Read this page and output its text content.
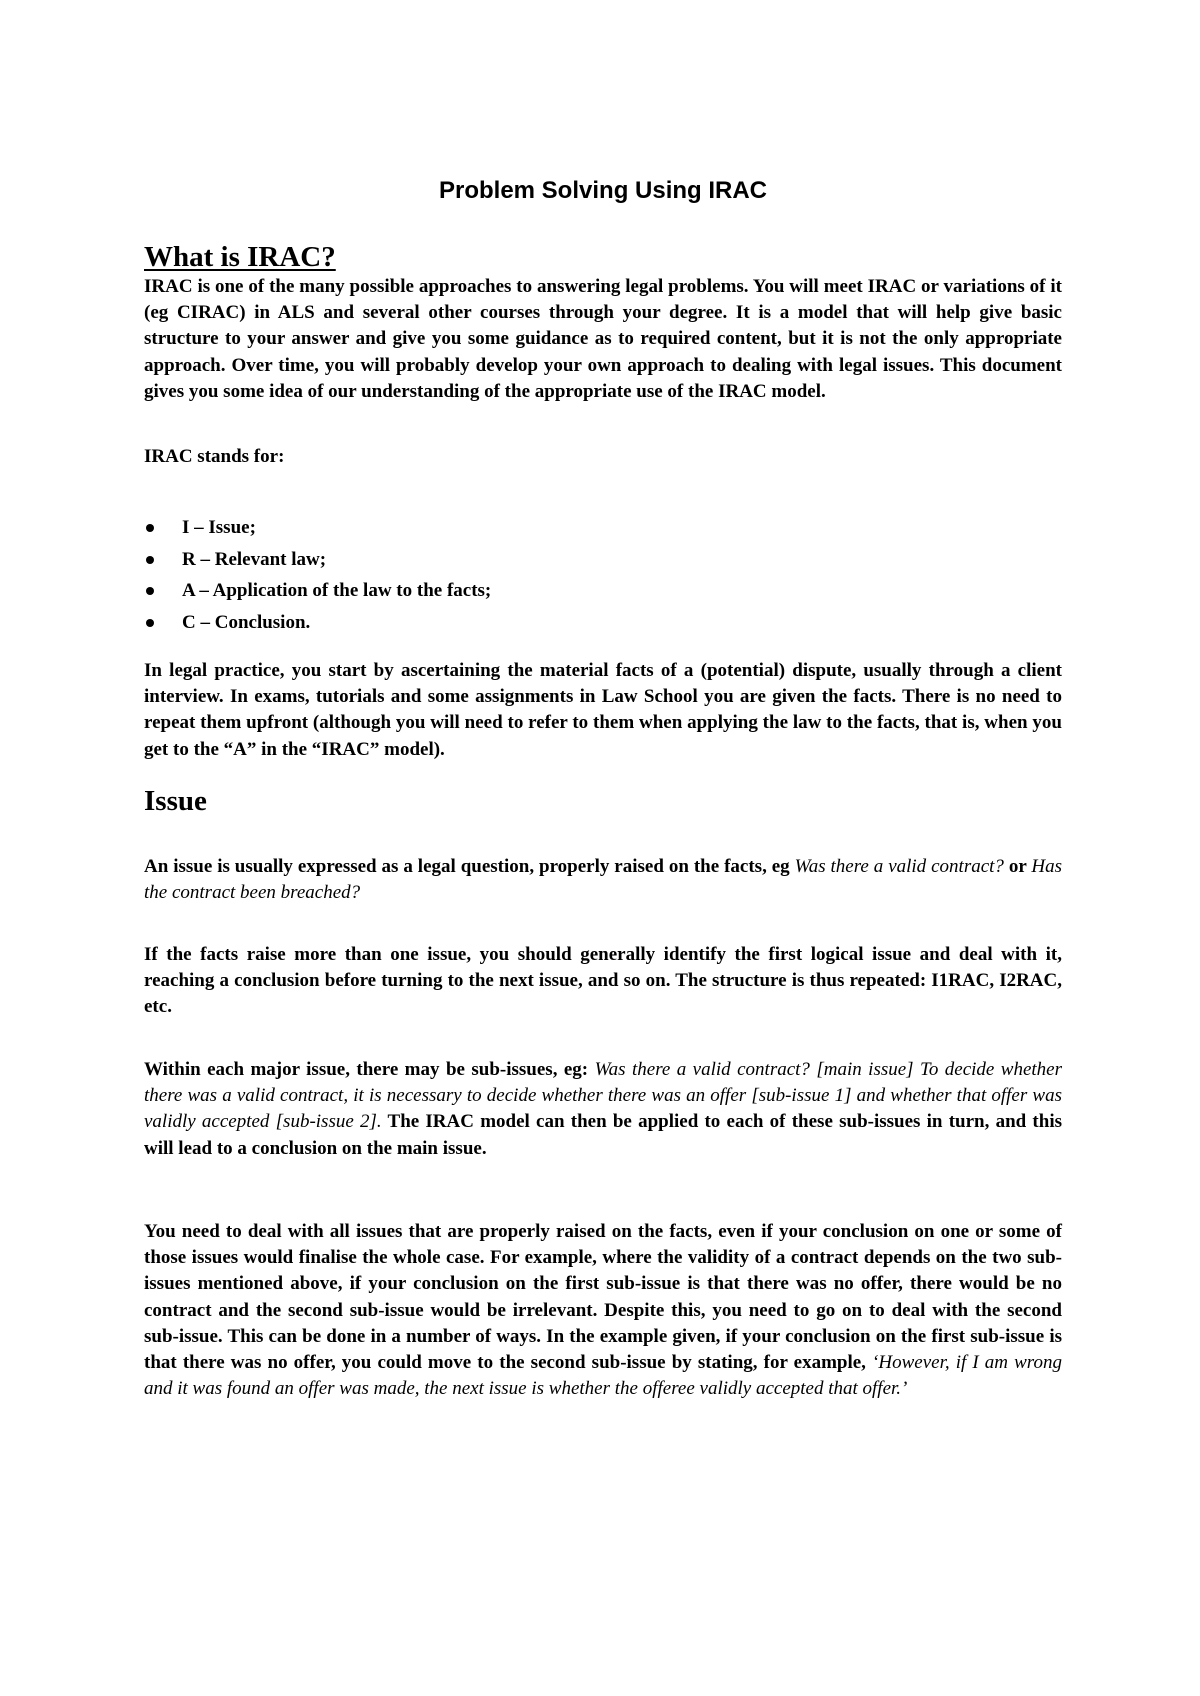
Problem Solving Using IRAC
What is IRAC?

IRAC is one of the many possible approaches to answering legal problems. You will meet IRAC or variations of it (eg CIRAC) in ALS and several other courses through your degree. It is a model that will help give basic structure to your answer and give you some guidance as to required content, but it is not the only appropriate approach. Over time, you will probably develop your own approach to dealing with legal issues. This document gives you some idea of our understanding of the appropriate use of the IRAC model.

IRAC stands for:

I – Issue;
R – Relevant law;
A – Application of the law to the facts;
C – Conclusion.

In legal practice, you start by ascertaining the material facts of a (potential) dispute, usually through a client interview. In exams, tutorials and some assignments in Law School you are given the facts. There is no need to repeat them upfront (although you will need to refer to them when applying the law to the facts, that is, when you get to the “A” in the “IRAC” model).

Issue

An issue is usually expressed as a legal question, properly raised on the facts, eg Was there a valid contract? or Has the contract been breached?

If the facts raise more than one issue, you should generally identify the first logical issue and deal with it, reaching a conclusion before turning to the next issue, and so on. The structure is thus repeated: I1RAC, I2RAC, etc.

Within each major issue, there may be sub-issues, eg: Was there a valid contract? [main issue] To decide whether there was a valid contract, it is necessary to decide whether there was an offer [sub-issue 1] and whether that offer was validly accepted [sub-issue 2]. The IRAC model can then be applied to each of these sub-issues in turn, and this will lead to a conclusion on the main issue.

You need to deal with all issues that are properly raised on the facts, even if your conclusion on one or some of those issues would finalise the whole case. For example, where the validity of a contract depends on the two sub-issues mentioned above, if your conclusion on the first sub-issue is that there was no offer, there would be no contract and the second sub-issue would be irrelevant. Despite this, you need to go on to deal with the second sub-issue. This can be done in a number of ways. In the example given, if your conclusion on the first sub-issue is that there was no offer, you could move to the second sub-issue by stating, for example, ‘However, if I am wrong and it was found an offer was made, the next issue is whether the offeree validly accepted that offer.’
